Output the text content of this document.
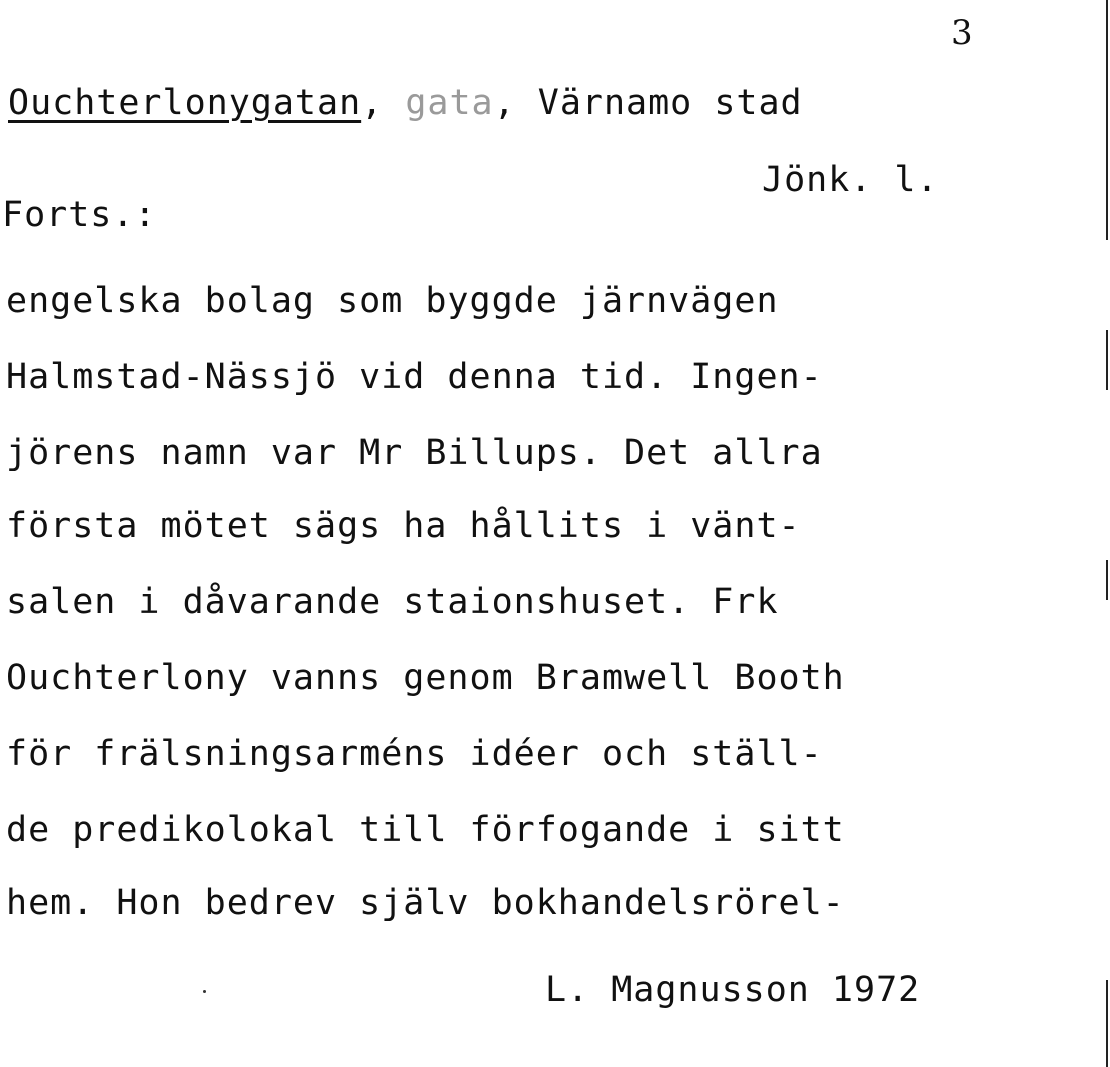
3
Ouchterlonygatan, gata, Värnamo stad
Jönk. l.
Forts.:
engelska bolag som byggde järnvägen
Halmstad-Nässjö vid denna tid. Ingen-
jörens namn var Mr Billups. Det allra
första mötet sägs ha hållits i vänt-
salen i dåvarande staionshuset. Frk
Ouchterlony vanns genom Bramwell Booth
för frälsningsarméns idéer och ställ-
de predikolokal till förfogande i sitt
hem. Hon bedrev själv bokhandelsrörel-
L. Magnusson 1972
